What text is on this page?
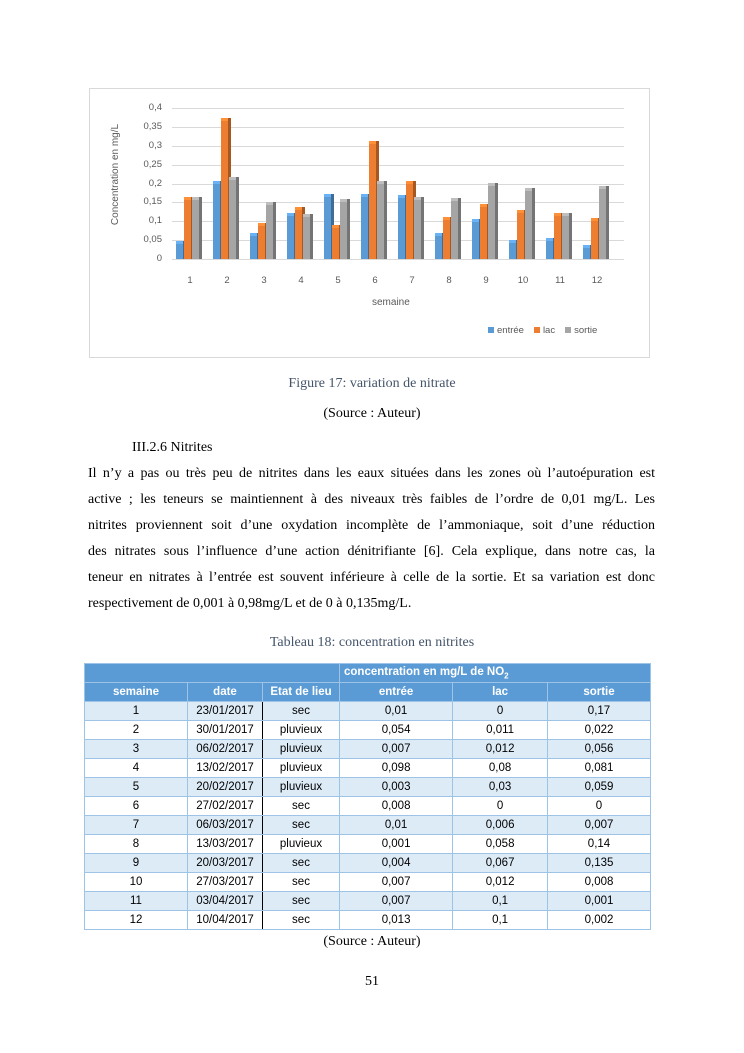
0
0,05
0,1
0,15
0,2
0,25
0,3
0,35
0,4
1	2	3	4	5	6	7	8	9	10	11	12
Concentration en mg/L
semaine
entrée	lac	sortie
Figure 17: variation de nitrate
(Source : Auteur)
III.2.6 Nitrites
Il n’y a pas ou très peu de nitrites dans les eaux situées dans les zones où l’autoépuration est
active ; les teneurs se maintiennent à des niveaux très faibles de l’ordre de 0,01 mg/L. Les
nitrites proviennent soit d’une oxydation incomplète de l’ammoniaque, soit d’une réduction
des nitrates sous l’influence d’une action dénitrifiante [6]. Cela explique, dans notre cas, la
teneur en nitrates à l’entrée est souvent inférieure à celle de la sortie. Et sa variation est donc
respectivement de 0,001 à 0,98mg/L et de 0 à 0,135mg/L.
Tableau 18: concentration en nitrites
			concentration en mg/L de $NO_2$
semaine	date	Etat de lieu	entrée	lac	sortie
1	23/01/2017	sec	0,01	0	0,17
2	30/01/2017	pluvieux	0,054	0,011	0,022
3	06/02/2017	pluvieux	0,007	0,012	0,056
4	13/02/2017	pluvieux	0,098	0,08	0,081
5	20/02/2017	pluvieux	0,003	0,03	0,059
6	27/02/2017	sec	0,008	0	0
7	06/03/2017	sec	0,01	0,006	0,007
8	13/03/2017	pluvieux	0,001	0,058	0,14
9	20/03/2017	sec	0,004	0,067	0,135
10	27/03/2017	sec	0,007	0,012	0,008
11	03/04/2017	sec	0,007	0,1	0,001
12	10/04/2017	sec	0,013	0,1	0,002
(Source : Auteur)
51
